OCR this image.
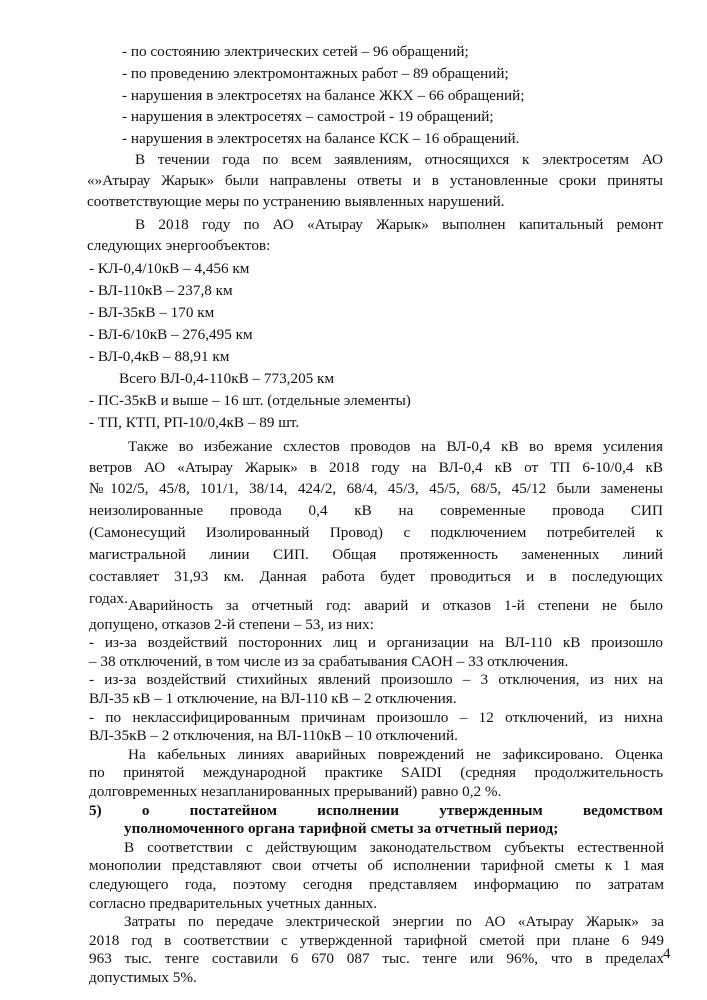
- по состоянию электрических сетей – 96 обращений;
- по проведению электромонтажных работ – 89 обращений;
- нарушения в электросетях на балансе ЖКХ – 66 обращений;
- нарушения в электросетях – самострой - 19 обращений;
- нарушения в электросетях на балансе КСК – 16 обращений.
В течении года по всем заявлениям, относящихся к электросетям АО
«»Атырау Жарык» были направлены ответы и в установленные сроки приняты
соответствующие меры по устранению выявленных нарушений.
В 2018 году по АО «Атырау Жарык» выполнен капитальный ремонт
следующих энергообъектов:
- КЛ-0,4/10кВ – 4,456 км
- ВЛ-110кВ – 237,8 км
- ВЛ-35кВ – 170 км
- ВЛ-6/10кВ – 276,495 км
- ВЛ-0,4кВ – 88,91 км
Всего ВЛ-0,4-110кВ – 773,205 км
- ПС-35кВ и выше – 16 шт. (отдельные элементы)
- ТП, КТП, РП-10/0,4кВ – 89 шт.
Также во избежание схлестов проводов на ВЛ-0,4 кВ во время усиления
ветров АО «Атырау Жарык» в 2018 году на ВЛ-0,4 кВ от ТП 6-10/0,4 кВ
№102/5, 45/8, 101/1, 38/14, 424/2, 68/4, 45/3, 45/5, 68/5, 45/12 были заменены
неизолированные провода 0,4 кВ на современные провода СИП
(Самонесущий Изолированный Провод) с подключением потребителей к
магистральной линии СИП. Общая протяженность замененных линий
составляет 31,93 км. Данная работа будет проводиться и в последующих
годах. Аварийность за отчетный год: аварий и отказов 1-й степени не было
допущено, отказов 2-й степени – 53, из них:
- из-за воздействий посторонних лиц и организации на ВЛ-110 кВ произошло
– 38 отключений, в том числе из за срабатывания САОН – 33 отключения.
- из-за воздействий стихийных явлений произошло – 3 отключения, из них на
ВЛ-35 кВ – 1 отключение, на ВЛ-110 кВ – 2 отключения.
- по неклассифицированным причинам произошло – 12 отключений, из нихна
ВЛ-35кВ – 2 отключения, на ВЛ-110кВ – 10 отключений.
На кабельных линиях аварийных повреждений не зафиксировано. Оценка
по принятой международной практике SAIDI (средняя продолжительность
долговременных незапланированных прерываний) равно 0,2 %.
5) о постатейном исполнении утвержденным ведомством
уполномоченного органа тарифной сметы за отчетный период;
В соответствии с действующим законодательством субъекты естественной
монополии представляют свои отчеты об исполнении тарифной сметы к 1 мая
следующего года, поэтому сегодня представляем информацию по затратам
согласно предварительных учетных данных.
Затраты по передаче электрической энергии по АО «Атырау Жарык» за
2018 год в соответствии с утвержденной тарифной сметой при плане 6 949
963 тыс. тенге составили 6 670 087 тыс. тенге или 96%, что в пределах
допустимых 5%.
4
